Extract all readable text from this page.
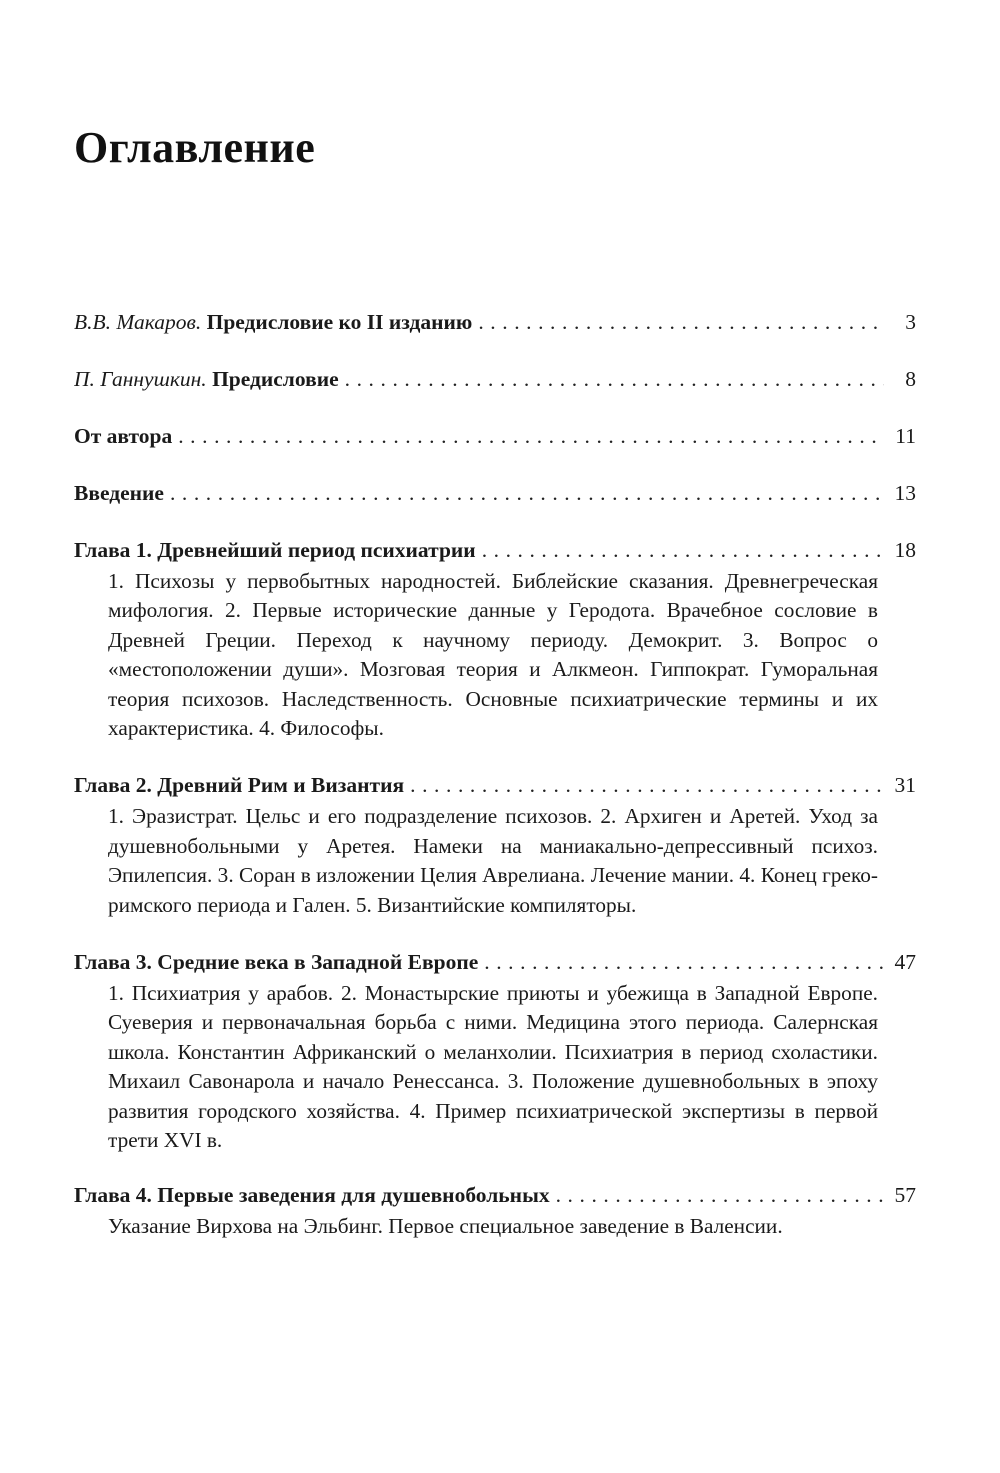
Оглавление
В.В. Макаров. Предисловие ко II изданию . . .	3
П. Ганнушкин. Предисловие . . .	8
От автора . . .	11
Введение . . .	13
Глава 1. Древнейший период психиатрии . . .	18
1. Психозы у первобытных народностей. Библейские сказания. Древнегреческая мифология. 2. Первые исторические данные у Геродота. Врачебное сословие в Древней Греции. Переход к научному периоду. Демокрит. 3. Вопрос о «местоположении души». Мозговая теория и Алкмеон. Гиппократ. Гуморальная теория психозов. Наследственность. Основные психиатрические термины и их характеристика. 4. Философы.
Глава 2. Древний Рим и Византия . . .	31
1. Эразистрат. Цельс и его подразделение психозов. 2. Архиген и Аретей. Уход за душевнобольными у Аретея. Намеки на маниакально-депрессивный психоз. Эпилепсия. 3. Соран в изложении Целия Аврелиана. Лечение мании. 4. Конец греко-римского периода и Гален. 5. Византийские компиляторы.
Глава 3. Средние века в Западной Европе . . .	47
1. Психиатрия у арабов. 2. Монастырские приюты и убежища в Западной Европе. Суеверия и первоначальная борьба с ними. Медицина этого периода. Салернская школа. Константин Африканский о меланхолии. Психиатрия в период схоластики. Михаил Савонарола и начало Ренессанса. 3. Положение душевнобольных в эпоху развития городского хозяйства. 4. Пример психиатрической экспертизы в первой трети XVI в.
Глава 4. Первые заведения для душевнобольных . . .	57
Указание Вирхова на Эльбинг. Первое специальное заведение в Валенсии.
